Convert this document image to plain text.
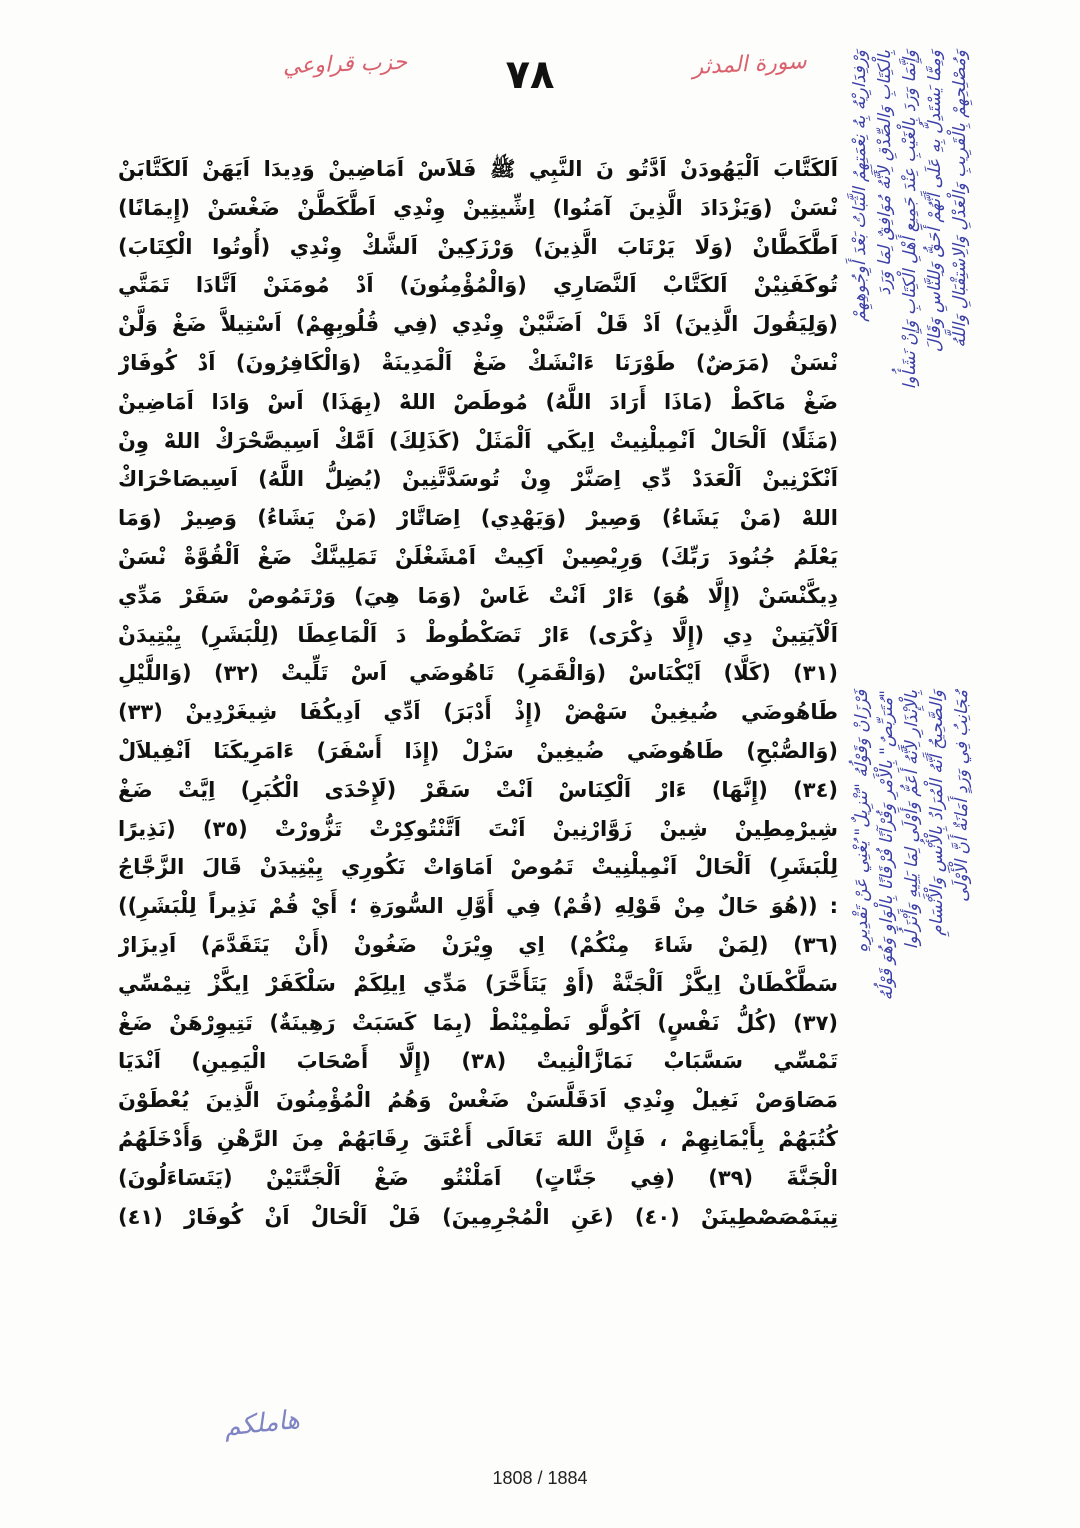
حزب قراوعي	٧٨	سورة المدثر
اَلكَتَّابَ اَلْيَهُودَنْ اَدَّتُو نَ النَّبِي ﷺ فَلاَسْ اَمَاضِينْ وَدِيدَا اَيَهَنْ اَلكَتَّابَنْ
نْسَنْ (وَيَزْدَادَ الَّذِينَ آمَنُوا) اِشِّيتِينْ وِنْدِي اَطَّكَطَّنْ ضَغْسَنْ (إِيمَانًا)
اَطَّكَطَّانْ (وَلَا يَرْتَابَ الَّذِينَ) وَرْزَكِينْ اَلشَّكْ وِنْدِي (أُوتُوا الْكِتَابَ)
تُوكَفَنِيْنْ اَلكَتَّابْ اَلنَّصَارِي (وَالْمُؤْمِنُونَ) اَدْ مُومَنَنْ اَتَّادَا تَمَتَّي
(وَلِيَقُولَ الَّذِينَ) اَدْ قَلْ اَضَنَّيْنْ وِنْدِي (فِي قُلُوبِهِمْ) اَسْتِيلاَّ ضَغْ وَلَّنْ
نْسَنْ (مَرَضٌ) طَوْرَنَا ءَانْشَكْ ضَغْ اَلْمَدِينَةْ (وَالْكَافِرُونَ) اَدْ كُوفَارْ
ضَغْ مَاكَطْ (مَاذَا أَرَادَ اللَّهُ) مُوطَصْ اللهْ (بِهَذَا) اَسْ وَادَا اَمَاضِينْ
(مَثَلًا) اَلْحَالْ اَنْمِيلْنِيتْ اِيكَي اَلْمَثَلْ (كَذَلِكَ) اَمَّكْ اَسِيصَّحْرَكْ اللهْ وِنْ
اَنْكَرْنِينْ اَلْعَدَدْ دِّي اِصَنَّرْ وِنْ تُوسَدَّتَّنِينْ (يُضِلُّ اللَّهُ) اَسِيصَاحْرَاكْ
اللهْ (مَنْ يَشَاءُ) وَصِيرْ (وَيَهْدِي) اِصَاتَّارْ (مَنْ يَشَاءُ) وَصِيرْ (وَمَا
يَعْلَمُ جُنُودَ رَبِّكَ) وَرِيْصِينْ اَكِيتْ اَمْشَغْلَنْ تَمَلِينَّكْ ضَغْ اَلْقُوَّةْ نْسَنْ
دِيكَّنْسَنْ (إِلَّا هُوَ) ءَارْ اَنْتْ غَاسْ (وَمَا هِيَ) وَرْتَمُوصْ سَقَرْ مَدِّي
اَلْآيَتِينْ دِي (إِلَّا ذِكْرَى) ءَارْ تَصَكْطُوطْ دَ اَلْمَاعِطَا (لِلْبَشَرِ) يِيْتِيدَنْ
(٣١) (كَلَّا) اَيْكْنَاسْ (وَالْقَمَرِ) تَاهُوضَي اَسْ تَلِّيتْ (٣٢) (وَاللَّيْلِ
طَاهُوضَي ضُيغِينْ سَهْضْ (إِذْ أَدْبَرَ) اَدِّي اَدِيكُفَا شِيغَرْدِينْ (٣٣)
(وَالصُّبْحِ) طَاهُوضَي ضُيغِينْ سَزْلْ (إِذَا أَسْفَرَ) ءَامَرِيكَنَا اَنْفِيلاَلْ
(٣٤) (إِنَّهَا) ءَارْ اَلْكِنَاسْ اَنْتْ سَقَرْ (لَإِحْدَى الْكُبَرِ) اِيَّتْ ضَغْ
شِيرْمِطِينْ شِينْ زَوَّارْنِينْ اَنْتَ اَتَّنْتُوكِرْتْ تَزُّورْتْ (٣٥) (نَذِيرًا
لِلْبَشَرِ) اَلْحَالْ اَنْمِيلْنِيتْ تَمُوصْ اَمَاوَاتْ نَكُورِي يِيْتِيدَنْ قَالَ الزَّجَّاجُ
: ((هُوَ حَالٌ مِنْ قَوْلِهِ (قُمْ) فِي أَوَّلِ السُّورَةِ ؛ أَيْ قُمْ نَذِيراً لِلْبَشَرِ))
(٣٦) (لِمَنْ شَاءَ مِنْكُمْ) اِي وِيْرَنْ ضَغُونْ (أَنْ يَتَقَدَّمَ) اَدِيزَارْ
سَطَّكْطَانْ اِيكَّزْ اَلْجَنَّةْ (أَوْ يَتَأَخَّرَ) مَدِّي اِيلِكَمْ سَلْكَفَرْ اِيكَّزْ تِيمْسِّي
(٣٧) (كُلُّ نَفْسٍ) اَكُولُّو نَطْمِيْنْطْ (بِمَا كَسَبَتْ رَهِينَةٌ) تَتِيوِرْهَنْ ضَغْ
تَمْسِّي سَسَّبَابْ نَمَازَّالْنِيتْ (٣٨) (إِلَّا أَصْحَابَ الْيَمِينِ) اَنْدَيَا
مَصَاوَصْ نَغِيلْ وِنْدِي اَدَقَلَّسَنْ ضَغْسْ وَهُمُ الْمُؤْمِنُونَ الَّذِينَ يُعْطَوْنَ
كُتُبَهُمْ بِأَيْمَانِهِمْ ، فَإِنَّ اللهَ تَعَالَى أَعْتَقَ رِقَابَهُمْ مِنَ الرَّهْنِ وَأَدْخَلَهُمُ
الْجَنَّةَ (٣٩) (فِي جَنَّاتٍ) اَمَلْنْتُو ضَغْ اَلْجَنَّتَيْنْ (يَتَسَاءَلُونَ)
تِينَمْصَصْطِينَنْ (٤٠) (عَنِ الْمُجْرِمِينَ) فَلْ اَلْحَالْ اَنْ كُوفَارْ (٤١)
وَرْفِدَارِيْهُ بِهُ نِعْمَتِهِمُ الثَّبَاتُ بَعْدَ أَوِجُوهِهِمْ بِالْكِتَابِ وَالصِّدْقِ لِأَنَّهُ مُوَافِقٌ لِمَا وَرَدَ وَإِنَّمَا وَرَدَ بِالْغَيْبِ عِنْدَ جَمِيعِ أَهْلِ الْكِتَابِ وَإِنْ نَشَأُوا وَمِمَّا يَسْتَدِلُّ بِهِ عَلَى أَنَّهُمْ أَحَقُّ وَلِلنَّاسِ وَقَالَ وَمُصْلِحِهِمْ بِالْقَرِيبِ وَالْعَدْلِ وَالِاسْتِقْبَالِ وَاللَّهُ
فَرْزَانْ وَقَوْلُهُ "تَنْزِيلٌ" يُغْنِي عَنْ تَقْدِيرِهِ "مُتَرَبِّصٌ" بِالْأَمْرِ وَقُرْآنًا فُرْقَانًا بِالْوَاوِ وَهُوَ قَوْلُهُ بِالْإِنْذَارِ لِأَنَّهُ أَعَمُّ وَأَوْلَى لِمَا يَلِيهِ وَأَنْزَلُوا وَالصَّحِيحُ أَنَّهُ الْمُرَادُ بِالْأُنْسِ وَالْأَنْسَامِ مُجَانِبُ فِي وَرَدٍ أَمَانَةٌ أَنَّ الْأَوْلَى
هاملکم
1808 / 1884
